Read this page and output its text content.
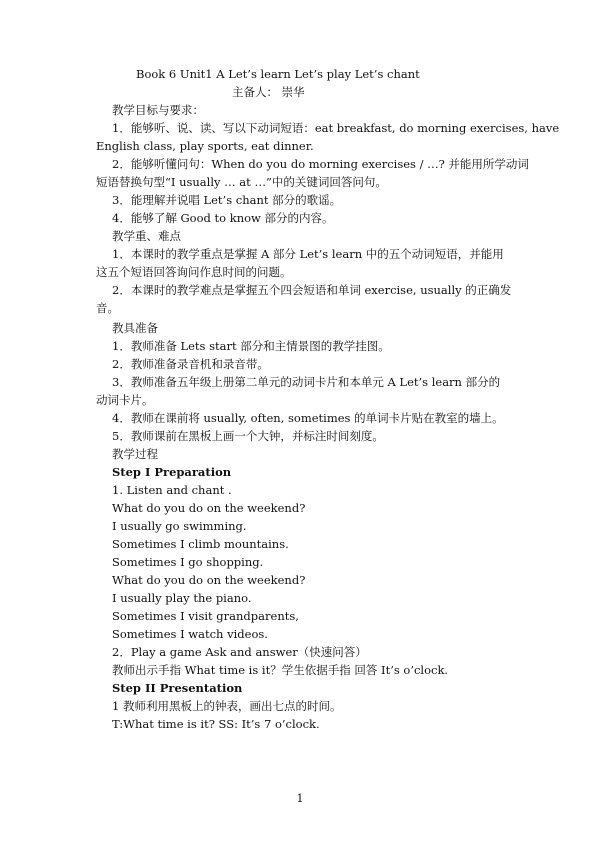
Book 6 Unit1 A Let’s learn Let’s play Let’s chant
主备人： 崇华
教学目标与要求：
1．能够听、说、读、写以下动词短语：eat breakfast, do morning exercises, have
English class, play sports, eat dinner.
2．能够听懂问句：When do you do morning exercises / …? 并能用所学动词
短语替换句型“I usually … at …”中的关键词回答问句。
3．能理解并说唱 Let’s chant 部分的歌谣。
4．能够了解 Good to know 部分的内容。
教学重、难点
1．本课时的教学重点是掌握 A 部分 Let’s learn 中的五个动词短语，并能用
这五个短语回答询问作息时间的问题。
2．本课时的教学难点是掌握五个四会短语和单词 exercise, usually 的正确发
音。
教具准备
1．教师准备 Lets start 部分和主情景图的教学挂图。
2．教师准备录音机和录音带。
3．教师准备五年级上册第二单元的动词卡片和本单元 A Let’s learn 部分的
动词卡片。
4．教师在课前将 usually, often, sometimes 的单词卡片贴在教室的墙上。
5．教师课前在黑板上画一个大钟，并标注时间刻度。
教学过程
Step I Preparation
1. Listen and chant .
What do you do on the weekend?
I usually go swimming.
Sometimes I climb mountains.
Sometimes I go shopping.
What do you do on the weekend?
I usually play the piano.
Sometimes I visit grandparents,
Sometimes I watch videos.
2．Play a game Ask and answer（快速问答）
教师出示手指 What time is it？学生依据手指 回答 It’s o’clock.
Step II Presentation
1 教师利用黑板上的钟表，画出七点的时间。
T:What time is it? SS: It’s 7 o’clock.
1
